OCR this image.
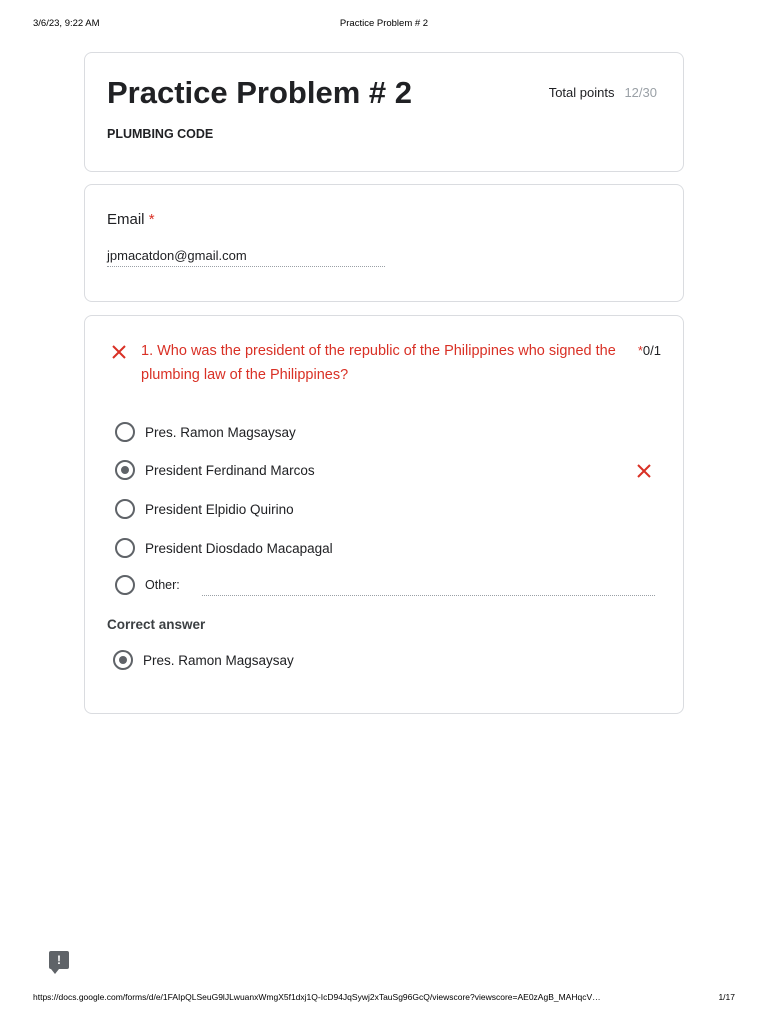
3/6/23, 9:22 AM	Practice Problem # 2
Practice Problem # 2
PLUMBING CODE
Total points 12/30
Email *
jpmacatdon@gmail.com
1. Who was the president of the republic of the Philippines who signed the plumbing law of the Philippines?
*0/1
Pres. Ramon Magsaysay
President Ferdinand Marcos
President Elpidio Quirino
President Diosdado Macapagal
Other:
Correct answer
Pres. Ramon Magsaysay
!
https://docs.google.com/forms/d/e/1FAIpQLSeuG9lJLwuanxWmgX5f1dxj1Q-IcD94JqSywj2xTauSg96GcQ/viewscore?viewscore=AE0zAgB_MAHqcV…	1/17
